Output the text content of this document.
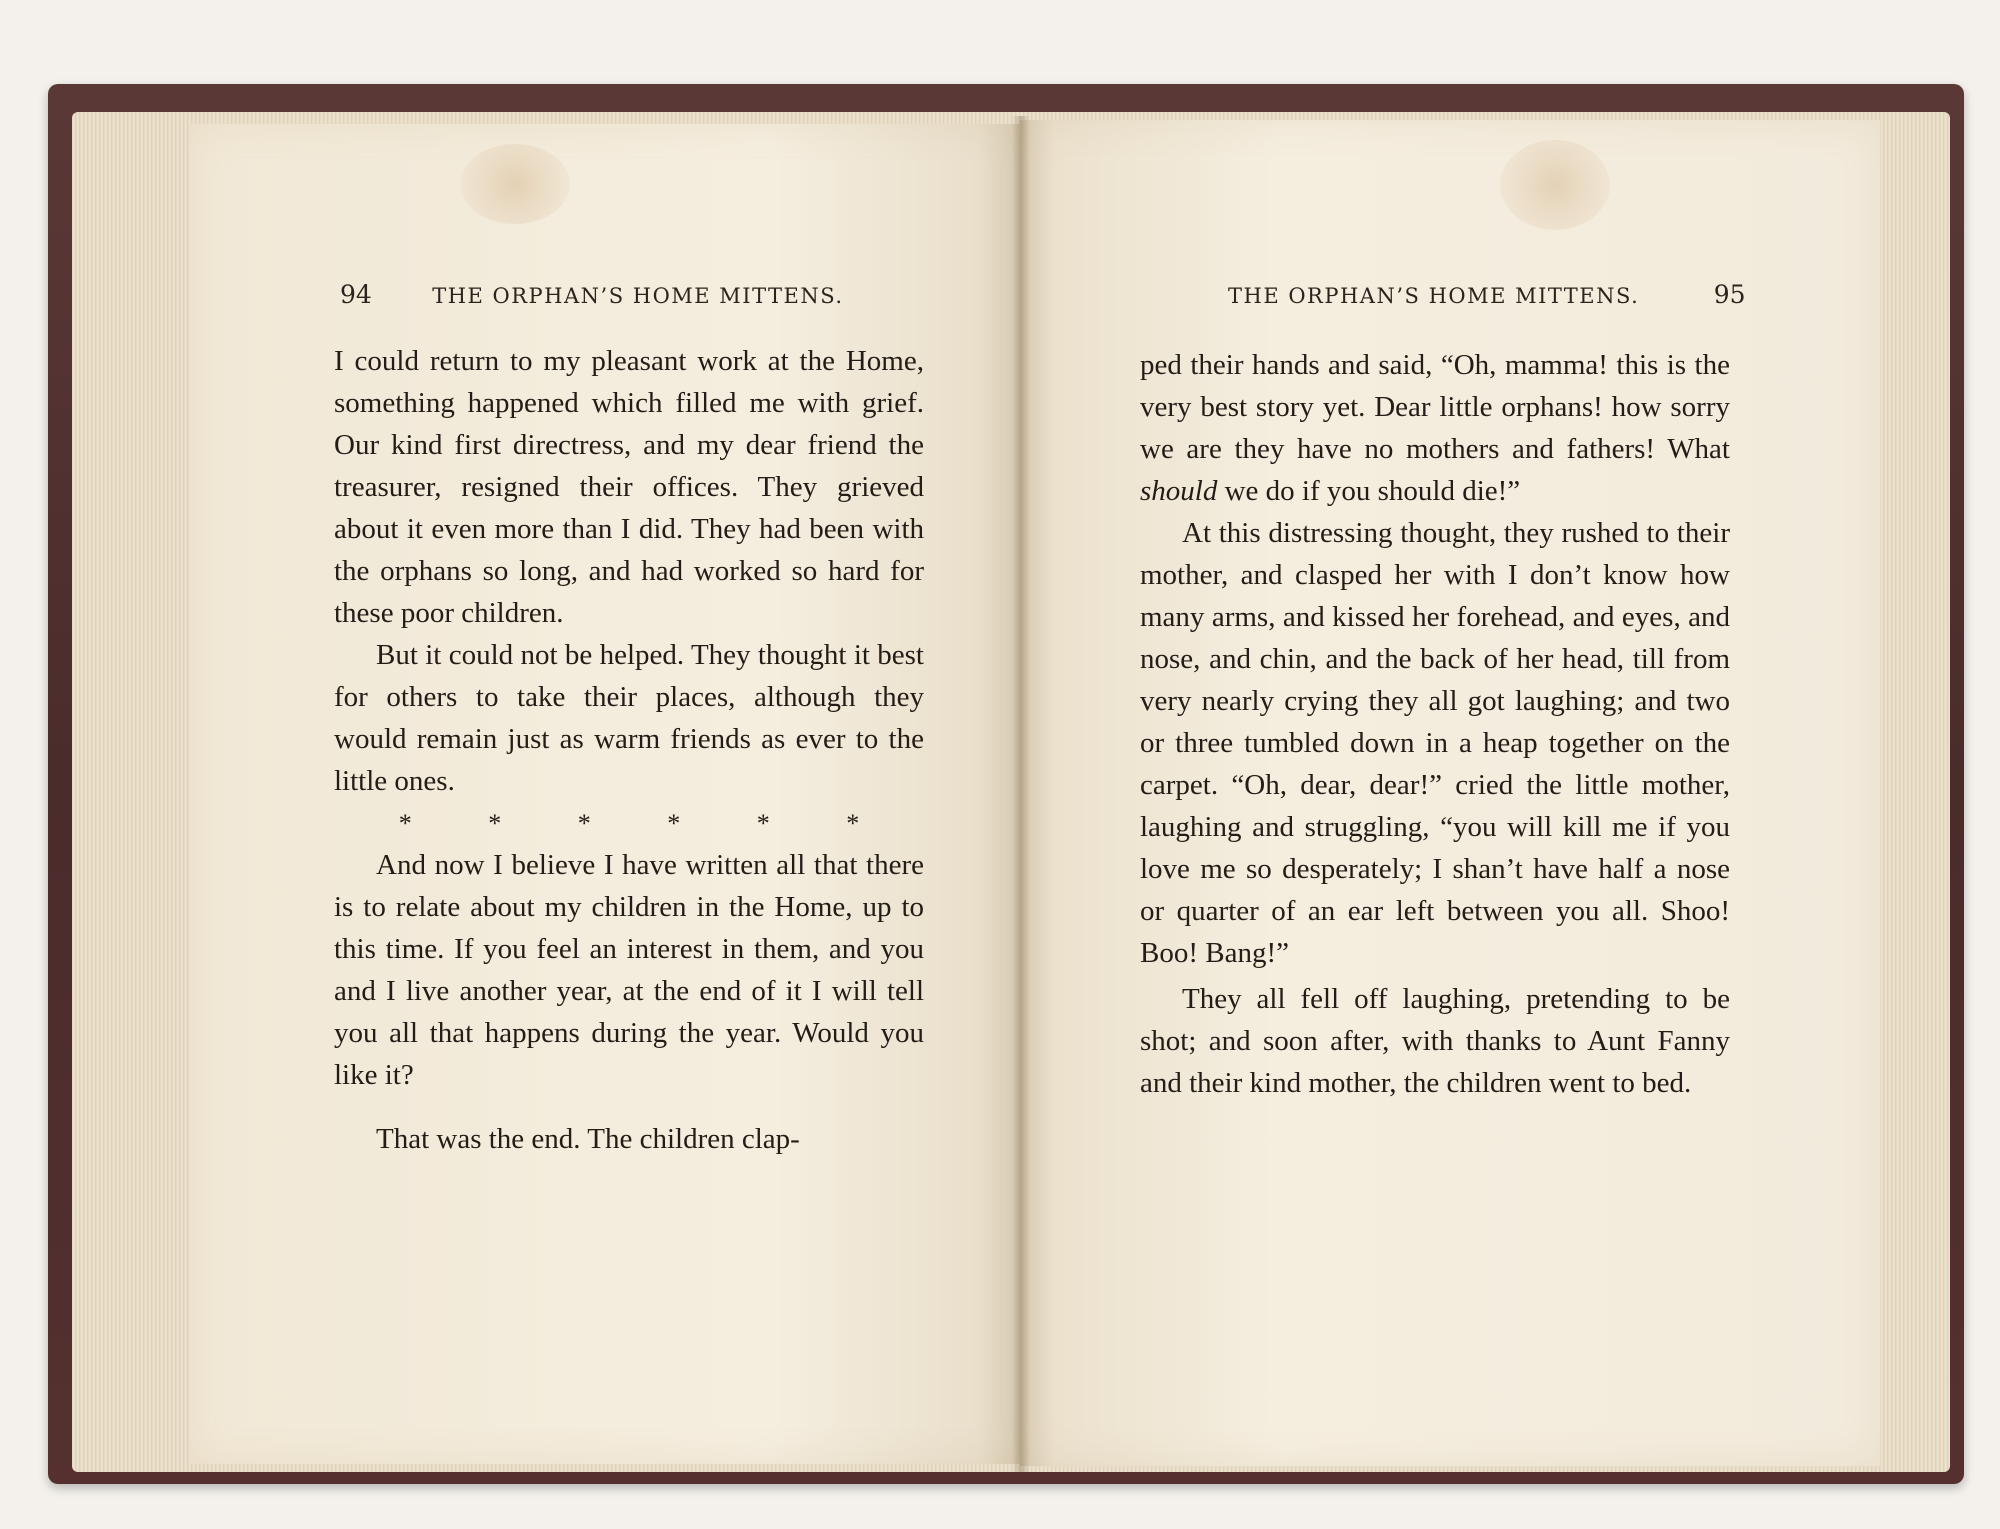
94	THE ORPHAN’S HOME MITTENS.	THE ORPHAN’S HOME MITTENS.	95

I could return to my pleasant work at the Home, something happened which filled me with grief. Our kind first directress, and my dear friend the treasurer, resigned their offices. They grieved about it even more than I did. They had been with the orphans so long, and had worked so hard for these poor children.

But it could not be helped. They thought it best for others to take their places, although they would remain just as warm friends as ever to the little ones.

* * * * * *

And now I believe I have written all that there is to relate about my children in the Home, up to this time. If you feel an interest in them, and you and I live another year, at the end of it I will tell you all that happens during the year. Would you like it?

That was the end. The children clap-

ped their hands and said, “Oh, mamma! this is the very best story yet. Dear little orphans! how sorry we are they have no mothers and fathers! What should we do if you should die!”

At this distressing thought, they rushed to their mother, and clasped her with I don’t know how many arms, and kissed her forehead, and eyes, and nose, and chin, and the back of her head, till from very nearly crying they all got laughing; and two or three tumbled down in a heap together on the carpet. “Oh, dear, dear!” cried the little mother, laughing and struggling, “you will kill me if you love me so desperately; I shan’t have half a nose or quarter of an ear left between you all. Shoo! Boo! Bang!”

They all fell off laughing, pretending to be shot; and soon after, with thanks to Aunt Fanny and their kind mother, the children went to bed.
